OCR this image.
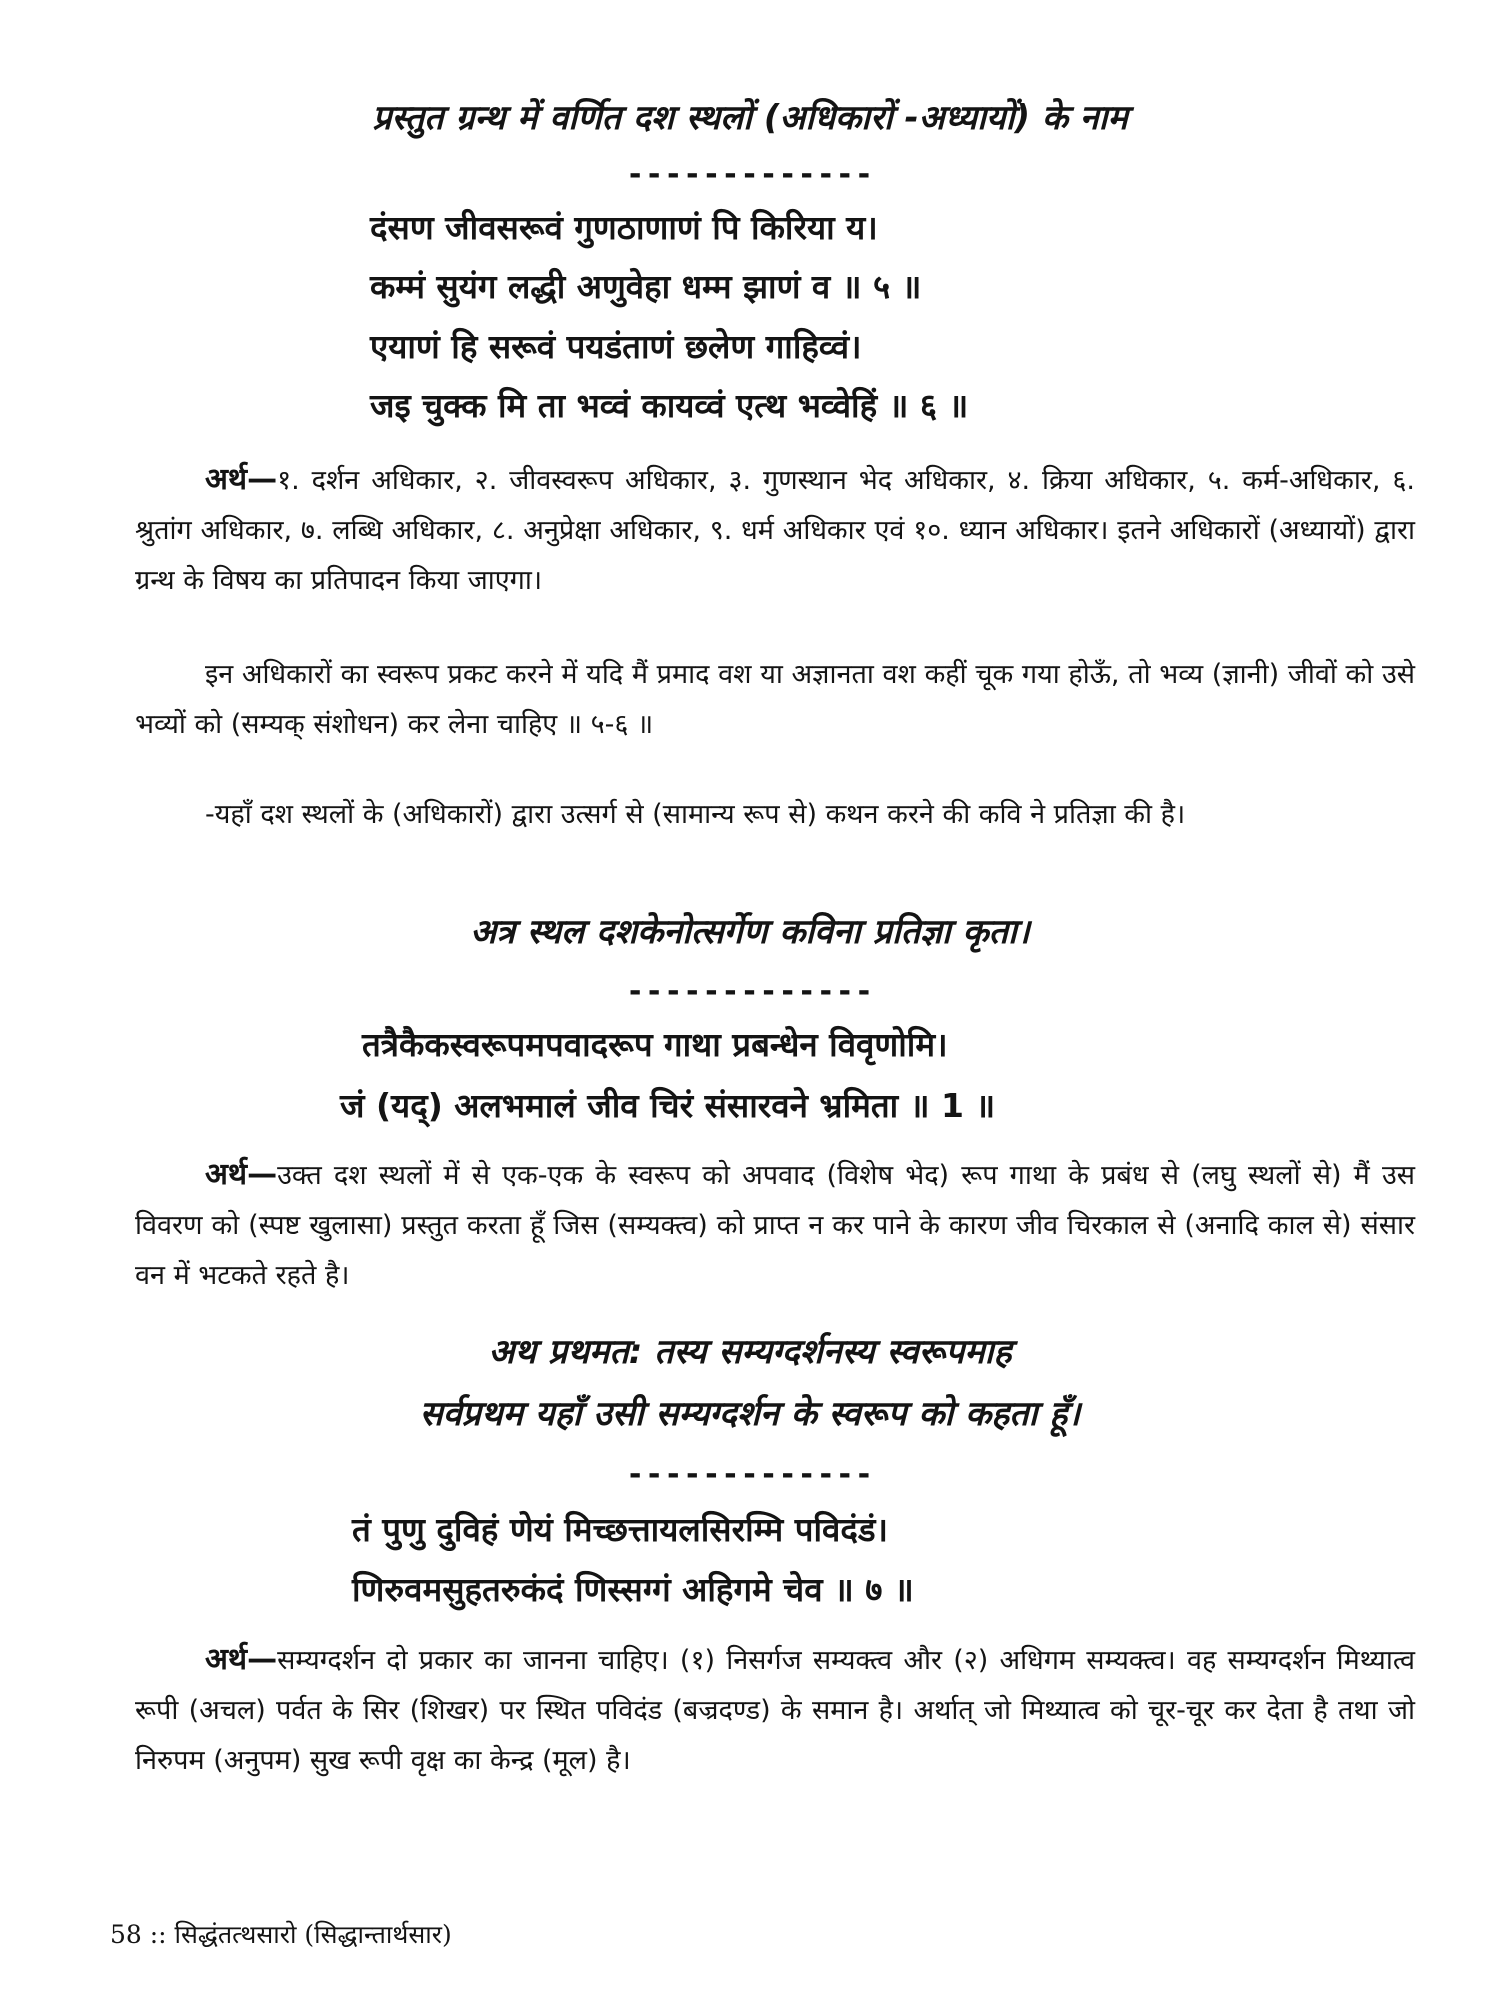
प्रस्तुत ग्रन्थ में वर्णित दश स्थलों (अधिकारों -अध्यायों) के नाम
-------------
दंसण जीवसरूवं गुणठाणाणं पि किरिया य।
कम्मं सुयंग लद्धी अणुवेहा धम्म झाणं व ॥ ५ ॥
एयाणं हि सरूवं पयडंताणं छलेण गाहिव्वं।
जइ चुक्क मि ता भव्वं कायव्वं एत्थ भव्वेहिं ॥ ६ ॥

अर्थ—१. दर्शन अधिकार, २. जीवस्वरूप अधिकार, ३. गुणस्थान भेद अधिकार, ४. क्रिया अधिकार, ५. कर्म-अधिकार, ६. श्रुतांग अधिकार, ७. लब्धि अधिकार, ८. अनुप्रेक्षा अधिकार, ९. धर्म अधिकार एवं १०. ध्यान अधिकार। इतने अधिकारों (अध्यायों) द्वारा ग्रन्थ के विषय का प्रतिपादन किया जाएगा।

इन अधिकारों का स्वरूप प्रकट करने में यदि मैं प्रमाद वश या अज्ञानता वश कहीं चूक गया होऊँ, तो भव्य (ज्ञानी) जीवों को उसे भव्यों को (सम्यक् संशोधन) कर लेना चाहिए ॥ ५-६ ॥

-यहाँ दश स्थलों के (अधिकारों) द्वारा उत्सर्ग से (सामान्य रूप से) कथन करने की कवि ने प्रतिज्ञा की है।

अत्र स्थल दशकेनोत्सर्गेण कविना प्रतिज्ञा कृता।
-------------
तत्रैकैकस्वरूपमपवादरूप गाथा प्रबन्धेन विवृणोमि।
जं (यद्) अलभमालं जीव चिरं संसारवने भ्रमिता ॥ 1 ॥

अर्थ—उक्त दश स्थलों में से एक-एक के स्वरूप को अपवाद (विशेष भेद) रूप गाथा के प्रबंध से (लघु स्थलों से) मैं उस विवरण को (स्पष्ट खुलासा) प्रस्तुत करता हूँ जिस (सम्यक्त्व) को प्राप्त न कर पाने के कारण जीव चिरकाल से (अनादि काल से) संसार वन में भटकते रहते है।

अथ प्रथमत: तस्य सम्यग्दर्शनस्य स्वरूपमाह
सर्वप्रथम यहाँ उसी सम्यग्दर्शन के स्वरूप को कहता हूँ।
-------------
तं पुणु दुविहं णेयं मिच्छत्तायलसिरम्मि पविदंडं।
णिरुवमसुहतरुकंदं णिस्सग्गं अहिगमे चेव ॥ ७ ॥

अर्थ—सम्यग्दर्शन दो प्रकार का जानना चाहिए। (१) निसर्गज सम्यक्त्व और (२) अधिगम सम्यक्त्व। वह सम्यग्दर्शन मिथ्यात्व रूपी (अचल) पर्वत के सिर (शिखर) पर स्थित पविदंड (बज्रदण्ड) के समान है। अर्थात् जो मिथ्यात्व को चूर-चूर कर देता है तथा जो निरुपम (अनुपम) सुख रूपी वृक्ष का केन्द्र (मूल) है।

58 :: सिद्धंतत्थसारो (सिद्धान्तार्थसार)
